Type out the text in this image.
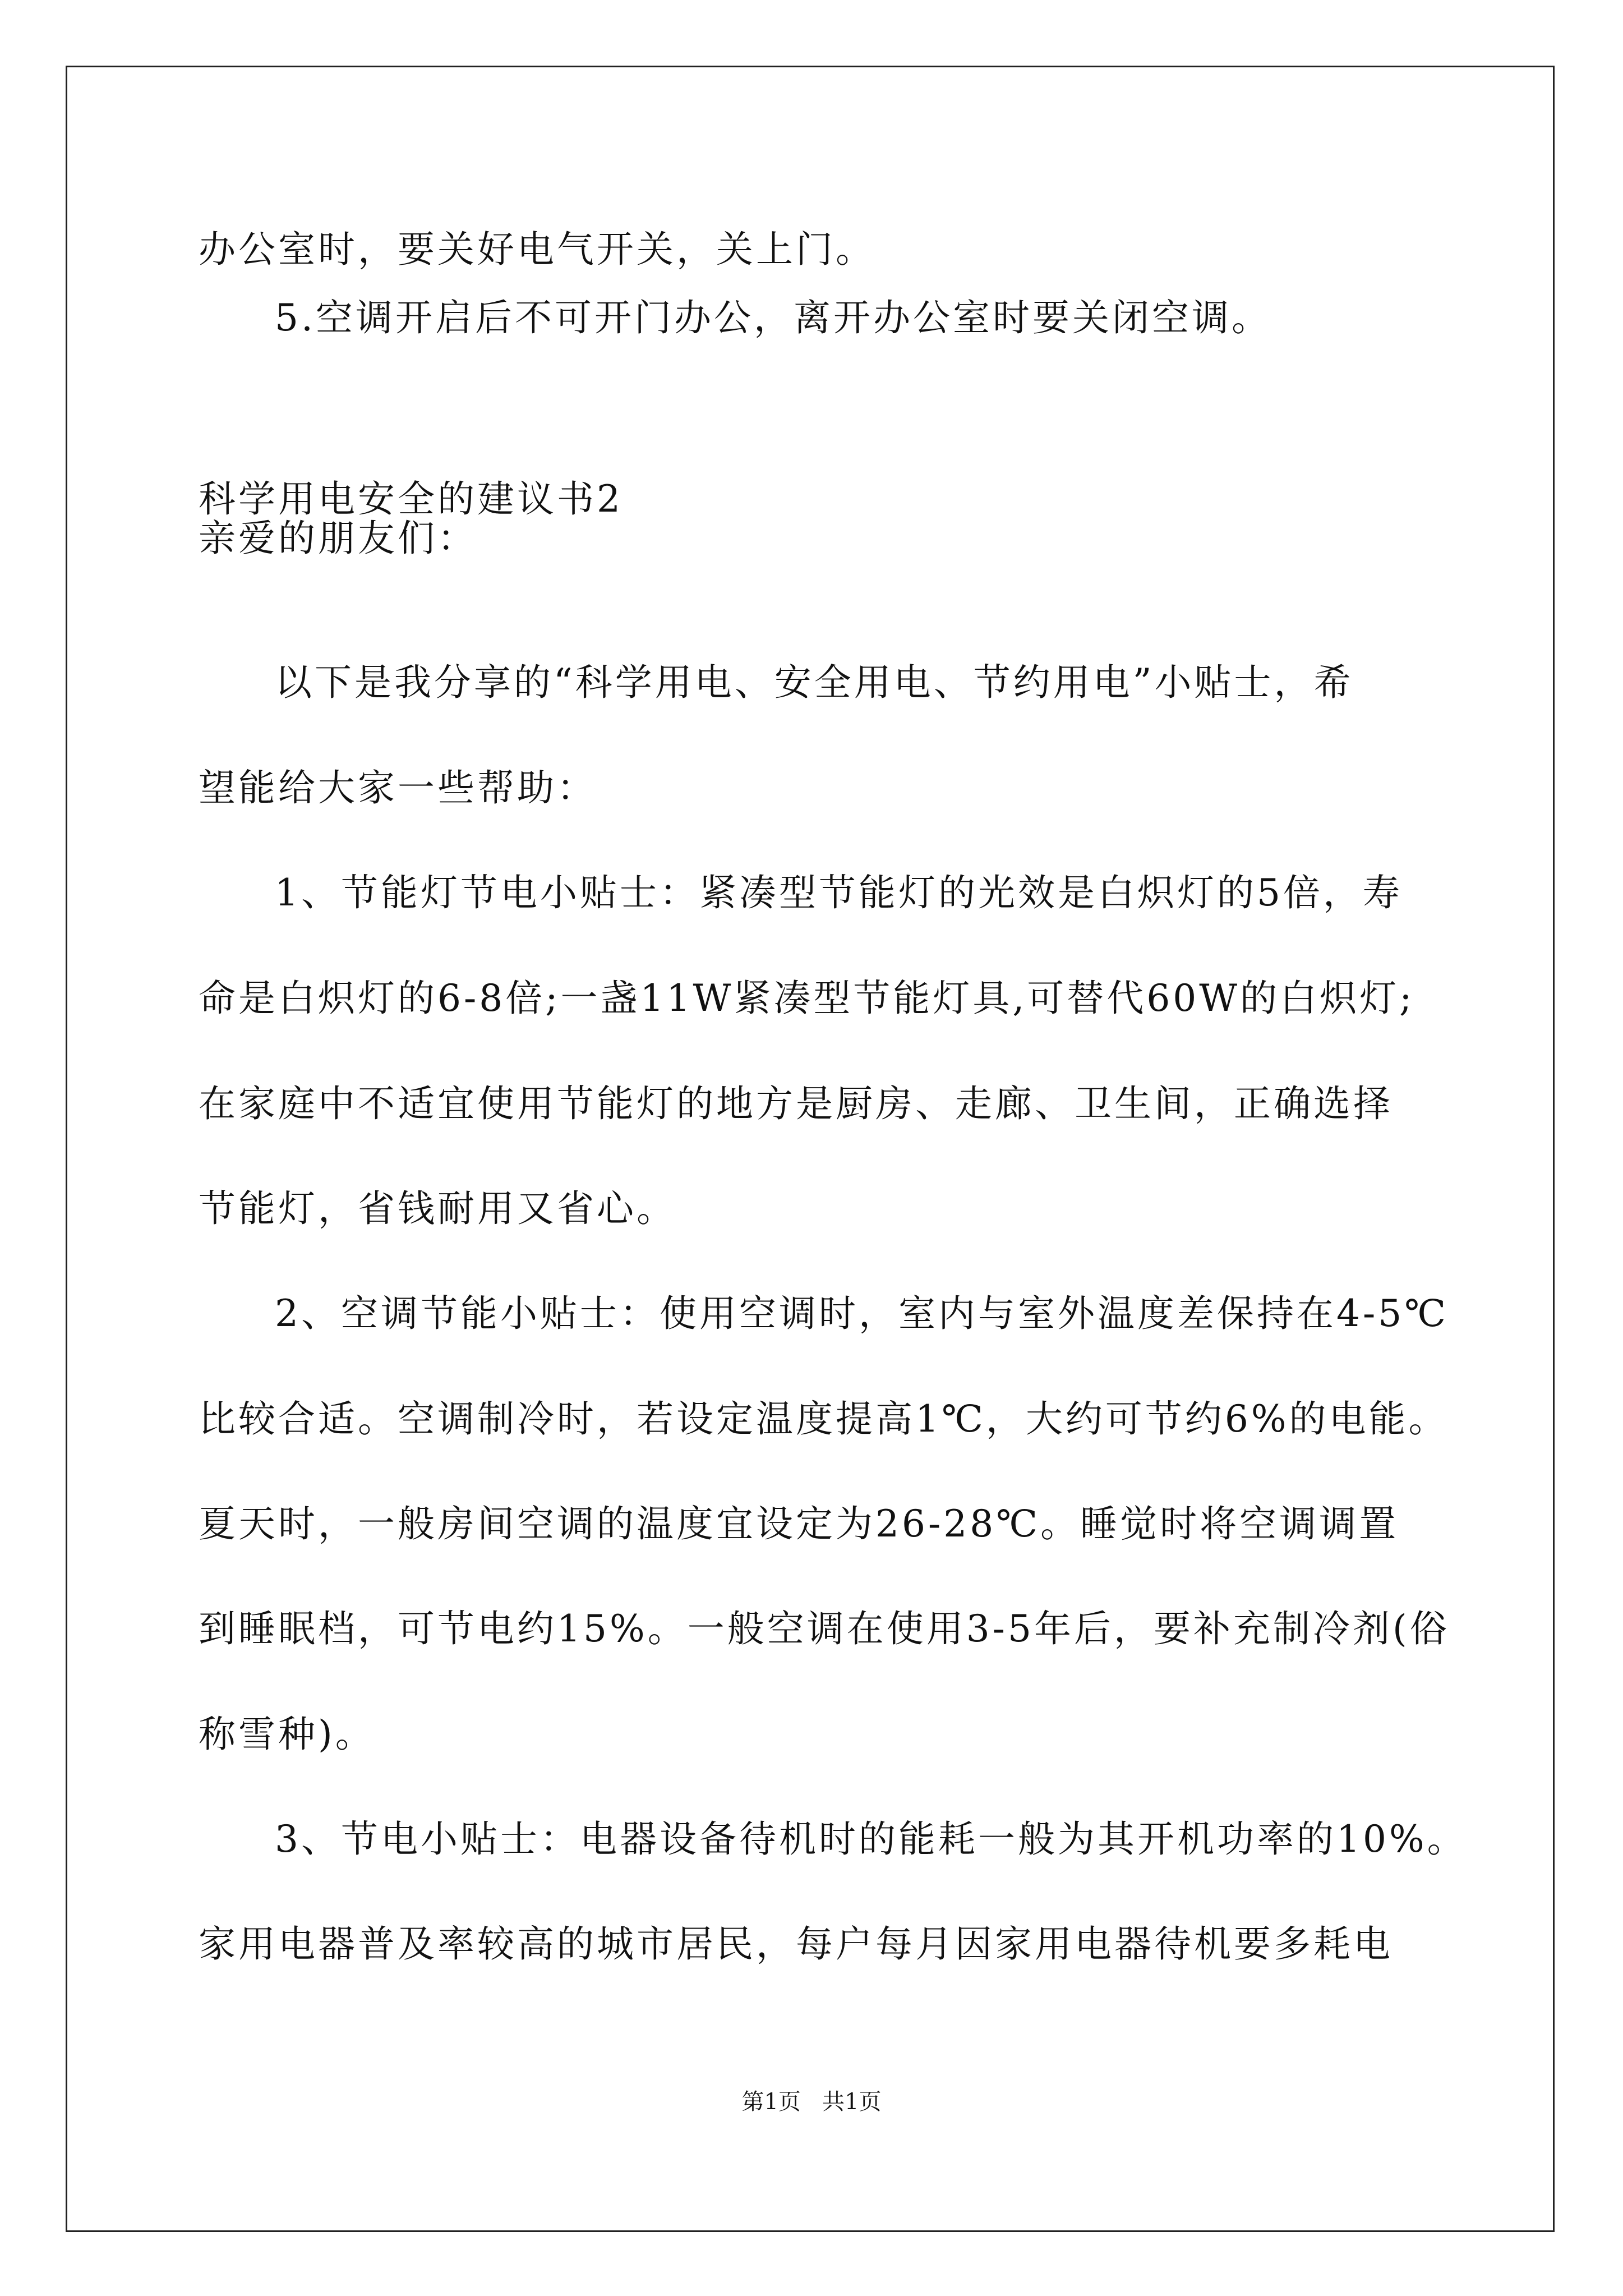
办公室时，要关好电气开关，关上门。
5.空调开启后不可开门办公，离开办公室时要关闭空调。
科学用电安全的建议书2
亲爱的朋友们：
以下是我分享的“科学用电、安全用电、节约用电”小贴士，希
望能给大家一些帮助：
1、节能灯节电小贴士：紧凑型节能灯的光效是白炽灯的5倍，寿
命是白炽灯的6-8倍;一盏11W紧凑型节能灯具,可替代60W的白炽灯;
在家庭中不适宜使用节能灯的地方是厨房、走廊、卫生间，正确选择
节能灯，省钱耐用又省心。
2、空调节能小贴士：使用空调时，室内与室外温度差保持在4-5℃
比较合适。空调制冷时，若设定温度提高1℃，大约可节约6%的电能。
夏天时，一般房间空调的温度宜设定为26-28℃。睡觉时将空调调置
到睡眠档，可节电约15%。一般空调在使用3-5年后，要补充制冷剂(俗
称雪种)。
3、节电小贴士：电器设备待机时的能耗一般为其开机功率的10%。
家用电器普及率较高的城市居民，每户每月因家用电器待机要多耗电
第1页   共1页
